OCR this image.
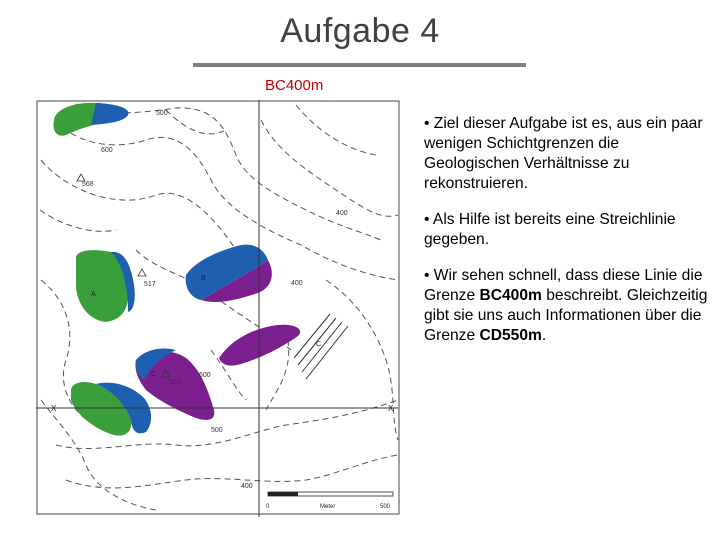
Aufgabe 4
BC400m
500
600
400
400
600
500
400
568
517
523
A
B
C
C
X	X
0	Meter	500

• Ziel dieser Aufgabe ist es, aus ein paar wenigen Schichtgrenzen die Geologischen Verhältnisse zu rekonstruieren.

• Als Hilfe ist bereits eine Streichlinie gegeben.

• Wir sehen schnell, dass diese Linie die Grenze BC400m beschreibt. Gleichzeitig gibt sie uns auch Informationen über die Grenze CD550m.
